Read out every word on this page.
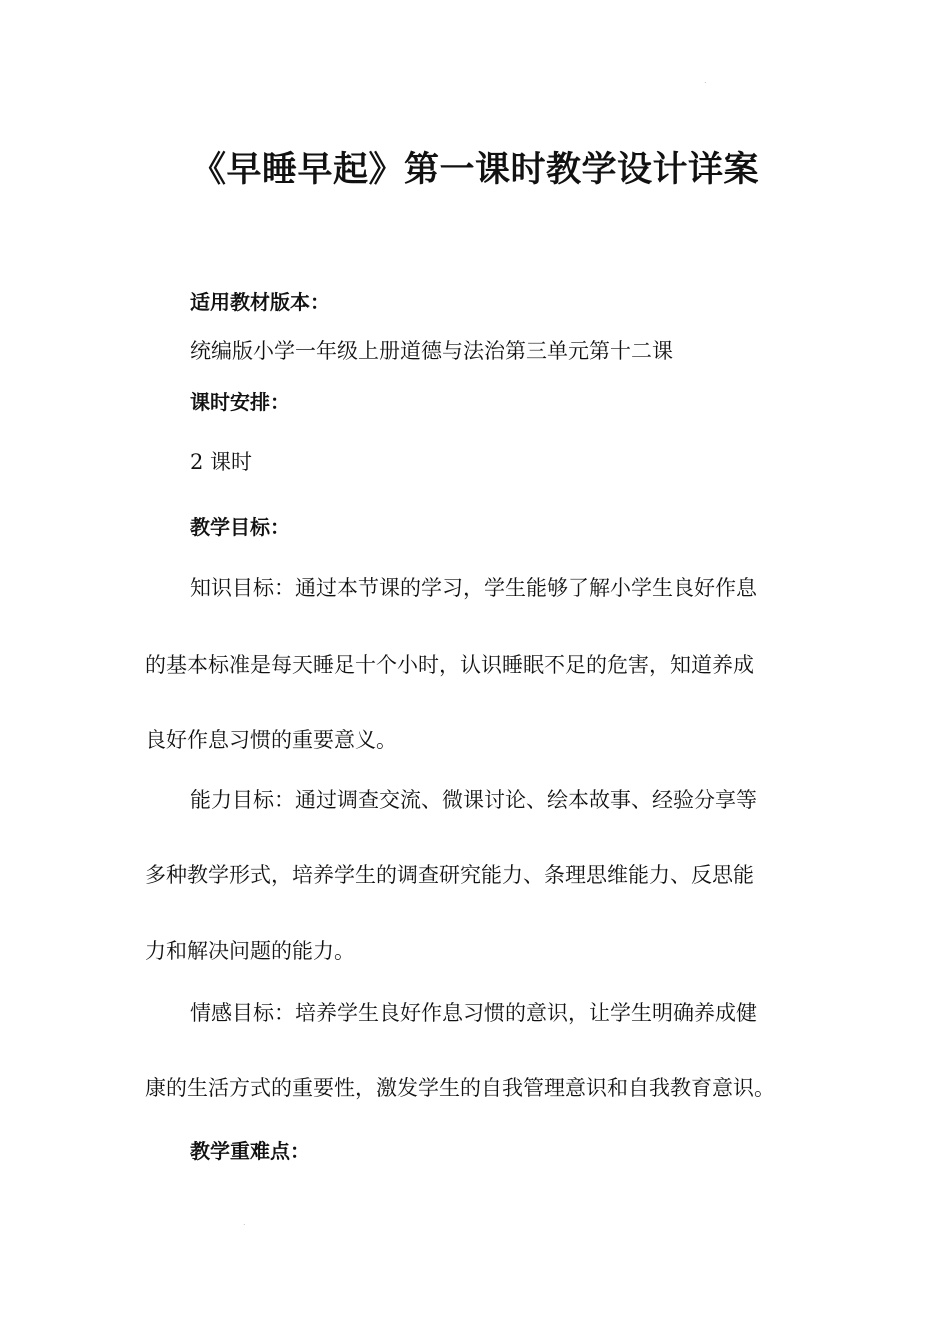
.
《早睡早起》第一课时教学设计详案
适用教材版本：
统编版小学一年级上册道德与法治第三单元第十二课
课时安排：
2 课时
教学目标：
知识目标：通过本节课的学习，学生能够了解小学生良好作息
的基本标准是每天睡足十个小时，认识睡眠不足的危害，知道养成
良好作息习惯的重要意义。
能力目标：通过调查交流、微课讨论、绘本故事、经验分享等
多种教学形式，培养学生的调查研究能力、条理思维能力、反思能
力和解决问题的能力。
情感目标：培养学生良好作息习惯的意识，让学生明确养成健
康的生活方式的重要性，激发学生的自我管理意识和自我教育意识。
教学重难点：
.
